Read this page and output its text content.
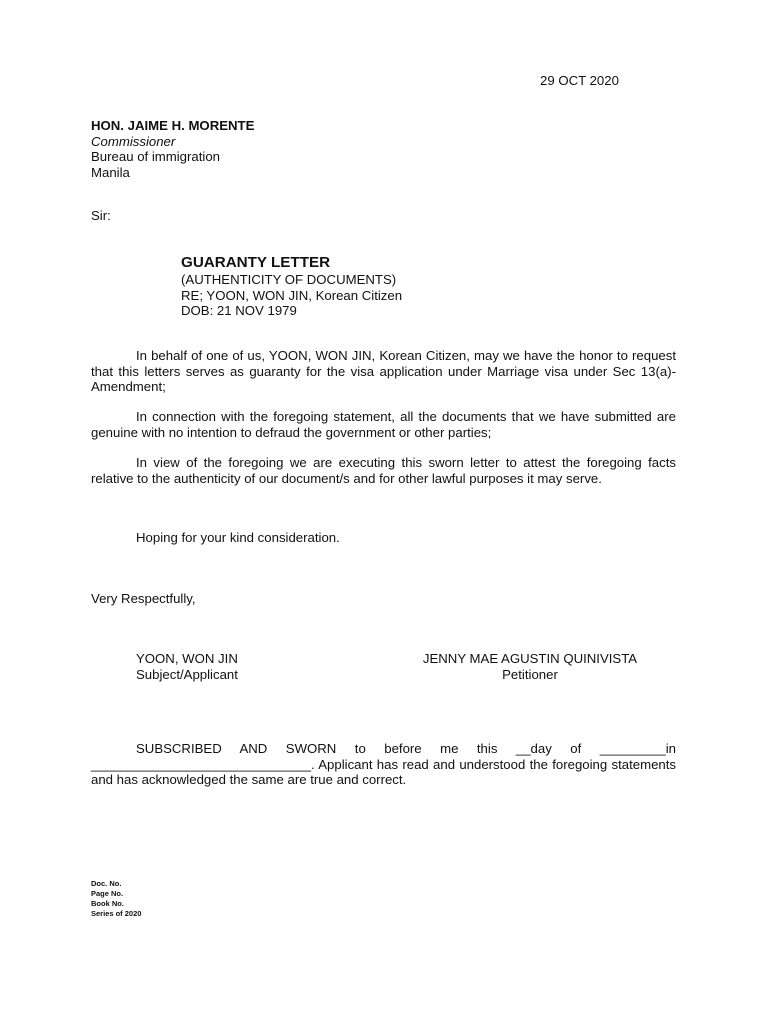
29 OCT 2020
HON. JAIME H. MORENTE
Commissioner
Bureau of immigration
Manila
Sir:
GUARANTY LETTER
(AUTHENTICITY OF DOCUMENTS)
RE; YOON, WON JIN, Korean Citizen
DOB: 21 NOV 1979

In behalf of one of us, YOON, WON JIN, Korean Citizen, may we have the honor to request that this letters serves as guaranty for the visa application under Marriage visa under Sec 13(a)-Amendment;

In connection with the foregoing statement, all the documents that we have submitted are genuine with no intention to defraud the government or other parties;

In view of the foregoing we are executing this sworn letter to attest the foregoing facts relative to the authenticity of our document/s and for other lawful purposes it may serve.

Hoping for your kind consideration.

Very Respectfully,
YOON, WON JIN
Subject/Applicant
JENNY MAE AGUSTIN QUINIVISTA
Petitioner

SUBSCRIBED AND SWORN to before me this __day of _________in ______________________________. Applicant has read and understood the foregoing statements and has acknowledged the same are true and correct.

Doc. No.
Page No.
Book No.
Series of 2020
